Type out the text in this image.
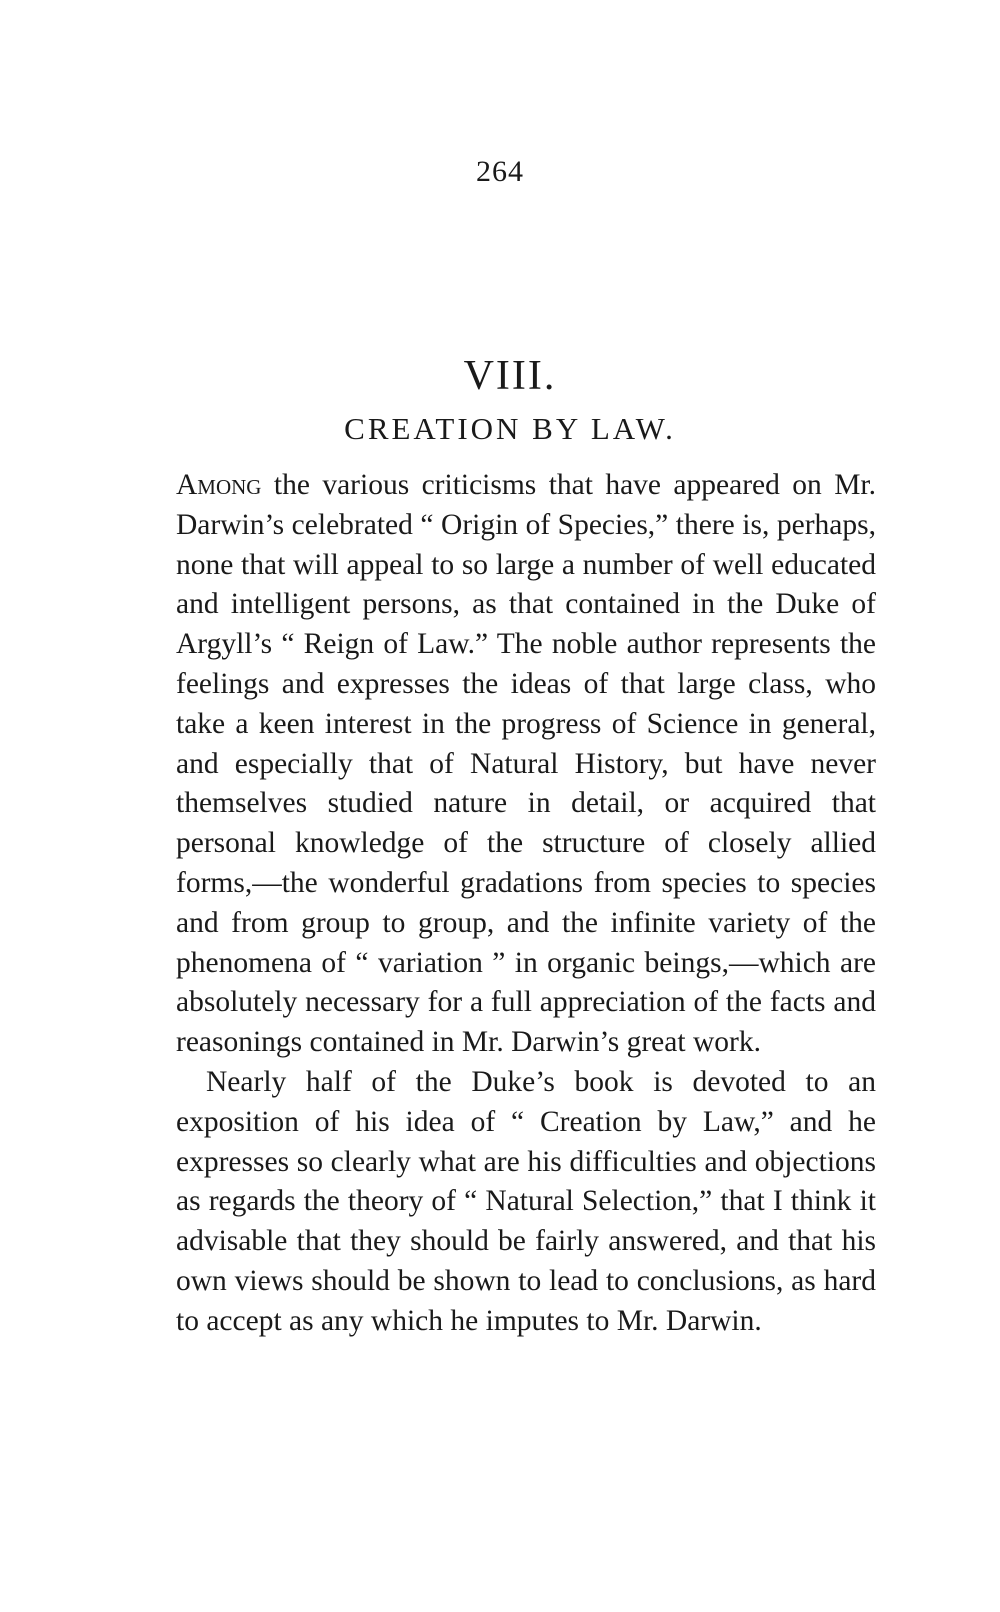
264
VIII.
CREATION BY LAW.

Among the various criticisms that have appeared on Mr. Darwin’s celebrated “ Origin of Species,” there is, perhaps, none that will appeal to so large a number of well educated and intelligent persons, as that contained in the Duke of Argyll’s “ Reign of Law.” The noble author represents the feelings and expresses the ideas of that large class, who take a keen interest in the progress of Science in general, and especially that of Natural History, but have never themselves studied nature in detail, or acquired that personal knowledge of the structure of closely allied forms,—the wonderful gradations from species to species and from group to group, and the infinite variety of the phenomena of “ variation ” in organic beings,—which are absolutely necessary for a full appreciation of the facts and reasonings contained in Mr. Darwin’s great work.

Nearly half of the Duke’s book is devoted to an exposition of his idea of “ Creation by Law,” and he expresses so clearly what are his difficulties and objections as regards the theory of “ Natural Selection,” that I think it advisable that they should be fairly answered, and that his own views should be shown to lead to conclusions, as hard to accept as any which he imputes to Mr. Darwin.
